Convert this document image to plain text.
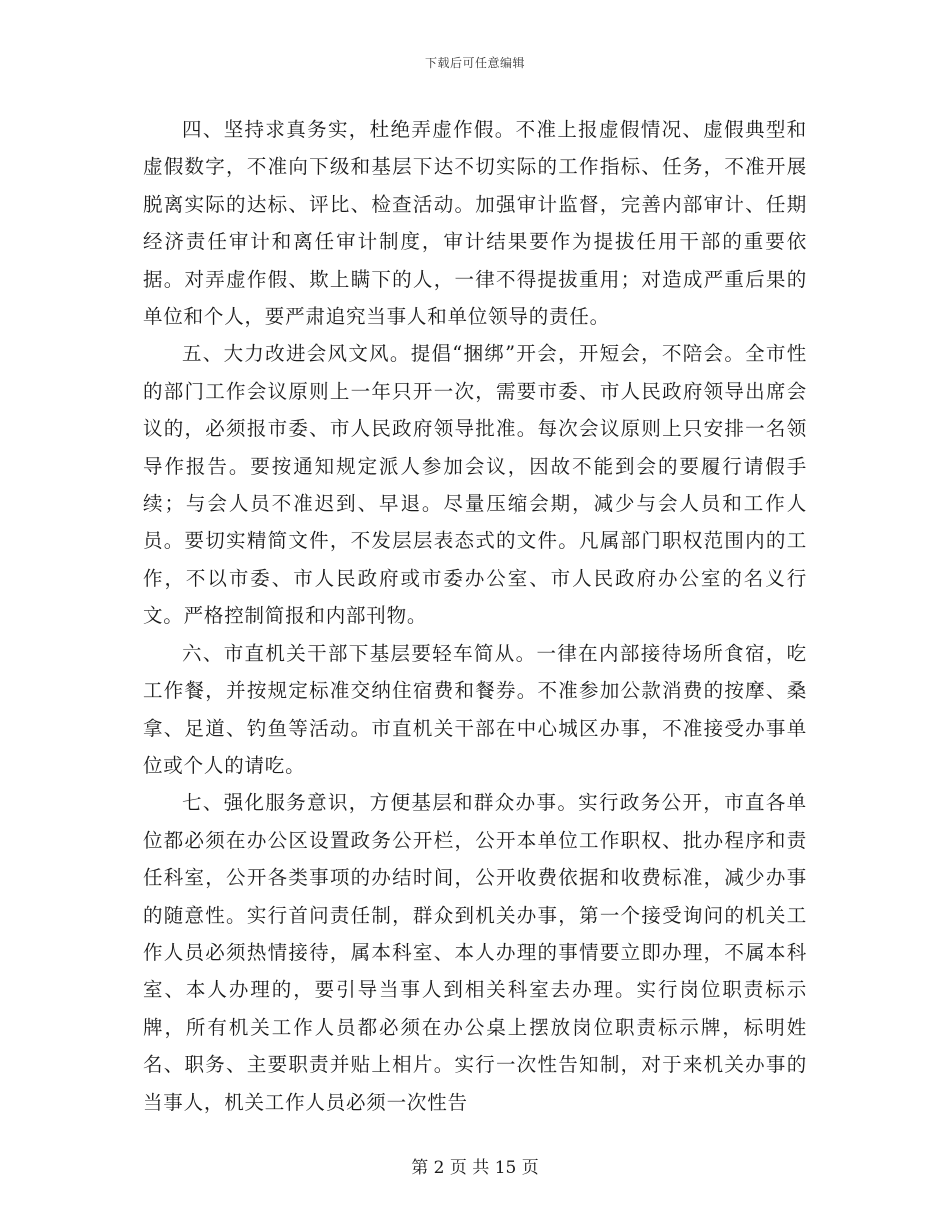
下载后可任意编辑

四、坚持求真务实，杜绝弄虚作假。不准上报虚假情况、虚假典型和虚假数字，不准向下级和基层下达不切实际的工作指标、任务，不准开展脱离实际的达标、评比、检查活动。加强审计监督，完善内部审计、任期经济责任审计和离任审计制度，审计结果要作为提拔任用干部的重要依据。对弄虚作假、欺上瞒下的人，一律不得提拔重用；对造成严重后果的单位和个人，要严肃追究当事人和单位领导的责任。

五、大力改进会风文风。提倡“捆绑”开会，开短会，不陪会。全市性的部门工作会议原则上一年只开一次，需要市委、市人民政府领导出席会议的，必须报市委、市人民政府领导批准。每次会议原则上只安排一名领导作报告。要按通知规定派人参加会议，因故不能到会的要履行请假手续；与会人员不准迟到、早退。尽量压缩会期，减少与会人员和工作人员。要切实精简文件，不发层层表态式的文件。凡属部门职权范围内的工作，不以市委、市人民政府或市委办公室、市人民政府办公室的名义行文。严格控制简报和内部刊物。

六、市直机关干部下基层要轻车简从。一律在内部接待场所食宿，吃工作餐，并按规定标准交纳住宿费和餐券。不准参加公款消费的按摩、桑拿、足道、钓鱼等活动。市直机关干部在中心城区办事，不准接受办事单位或个人的请吃。

七、强化服务意识，方便基层和群众办事。实行政务公开，市直各单位都必须在办公区设置政务公开栏，公开本单位工作职权、批办程序和责任科室，公开各类事项的办结时间，公开收费依据和收费标准，减少办事的随意性。实行首问责任制，群众到机关办事，第一个接受询问的机关工作人员必须热情接待，属本科室、本人办理的事情要立即办理，不属本科室、本人办理的，要引导当事人到相关科室去办理。实行岗位职责标示牌，所有机关工作人员都必须在办公桌上摆放岗位职责标示牌，标明姓名、职务、主要职责并贴上相片。实行一次性告知制，对于来机关办事的当事人，机关工作人员必须一次性告

第 2 页 共 15 页
